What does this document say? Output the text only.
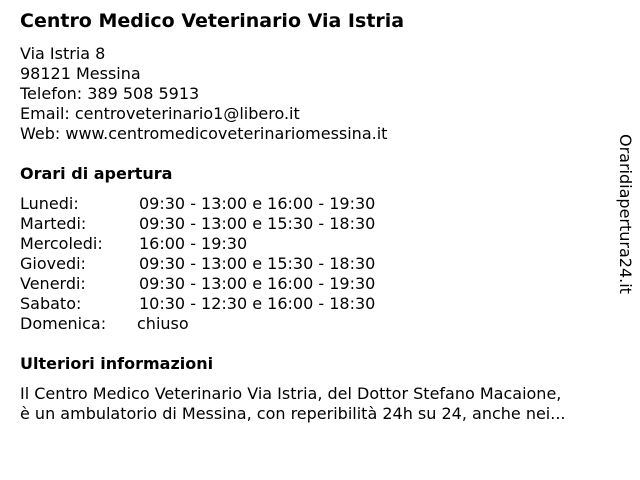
Centro Medico Veterinario Via Istria
Via Istria 8
98121 Messina
Telefon: 389 508 5913
Email: centroveterinario1@libero.it
Web: www.centromedicoveterinariomessina.it
Orari di apertura
Lunedi:	09:30 - 13:00 e 16:00 - 19:30
Martedi:	09:30 - 13:00 e 15:30 - 18:30
Mercoledi: 16:00 - 19:30
Giovedi:	09:30 - 13:00 e 15:30 - 18:30
Venerdi:	09:30 - 13:00 e 16:00 - 19:30
Sabato:	10:30 - 12:30 e 16:00 - 18:30
Domenica: chiuso
Ulteriori informazioni
Il Centro Medico Veterinario Via Istria, del Dottor Stefano Macaione,
è un ambulatorio di Messina, con reperibilità 24h su 24, anche nei...
Oraridiapertura24.it
